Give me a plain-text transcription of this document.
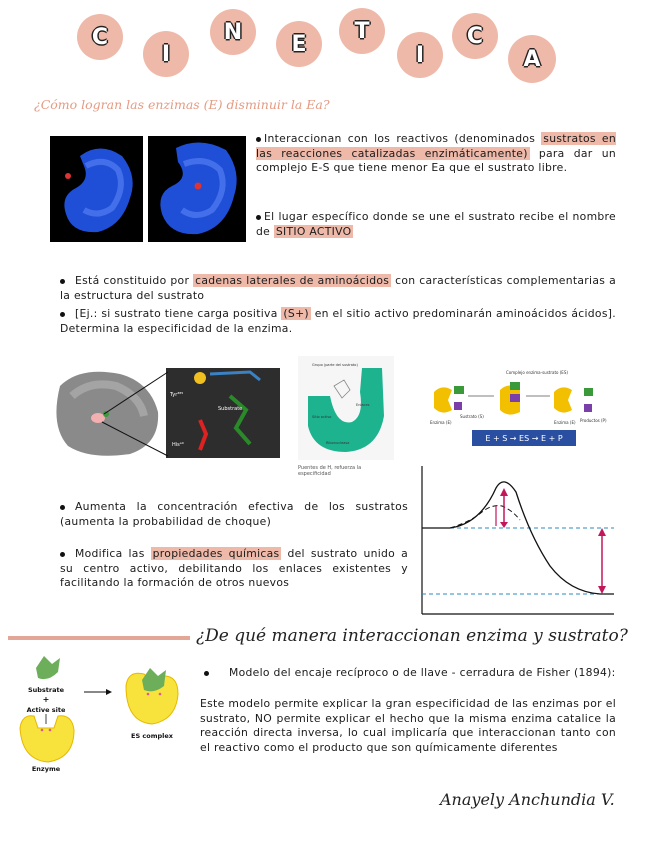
C
I
N	E
T
I
C
A
¿Cómo logran las enzimas (E) disminuir la Ea?
Interaccionan con los reactivos (denominados sustratos en las reacciones catalizadas enzimáticamente) para dar un complejo E-S que tiene menor Ea que el sustrato libre.
El lugar específico donde se une el sustrato recibe el nombre de SITIO ACTIVO
Está constituido por cadenas laterales de aminoácidos con características complementarias a la estructura del sustrato
[Ej.: si sustrato tiene carga positiva (S+) en el sitio activo predominarán aminoácidos ácidos]. Determina la especificidad de la enzima.
Tyr³⁸⁵
Substrate
Hisᵃ⁰
Grupo (parte del sustrato)
Enlaces
Sitio activo
Ribonucleasa
Puentes de H, refuerza la especificidad
Complejo enzima-sustrato (ES)
Enzima (E)
Sustrato (S)
Enzima (E) Productos (P)
E + S → ES → E + P
Aumenta la concentración efectiva de los sustratos (aumenta la probabilidad de choque)
Modifica las propiedades químicas del sustrato unido a su centro activo, debilitando los enlaces existentes y facilitando la formación de otros nuevos
¿De qué manera interaccionan enzima y sustrato?
Substrate
+
Active site
Enzyme
ES complex
Modelo del encaje recíproco o de llave - cerradura de Fisher (1894):
Este modelo permite explicar la gran especificidad de las enzimas por el sustrato, NO permite explicar el hecho que la misma enzima catalice la reacción directa inversa, lo cual implicaría que interaccionan tanto con el reactivo como el producto que son químicamente diferentes
Anayely Anchundia V.
